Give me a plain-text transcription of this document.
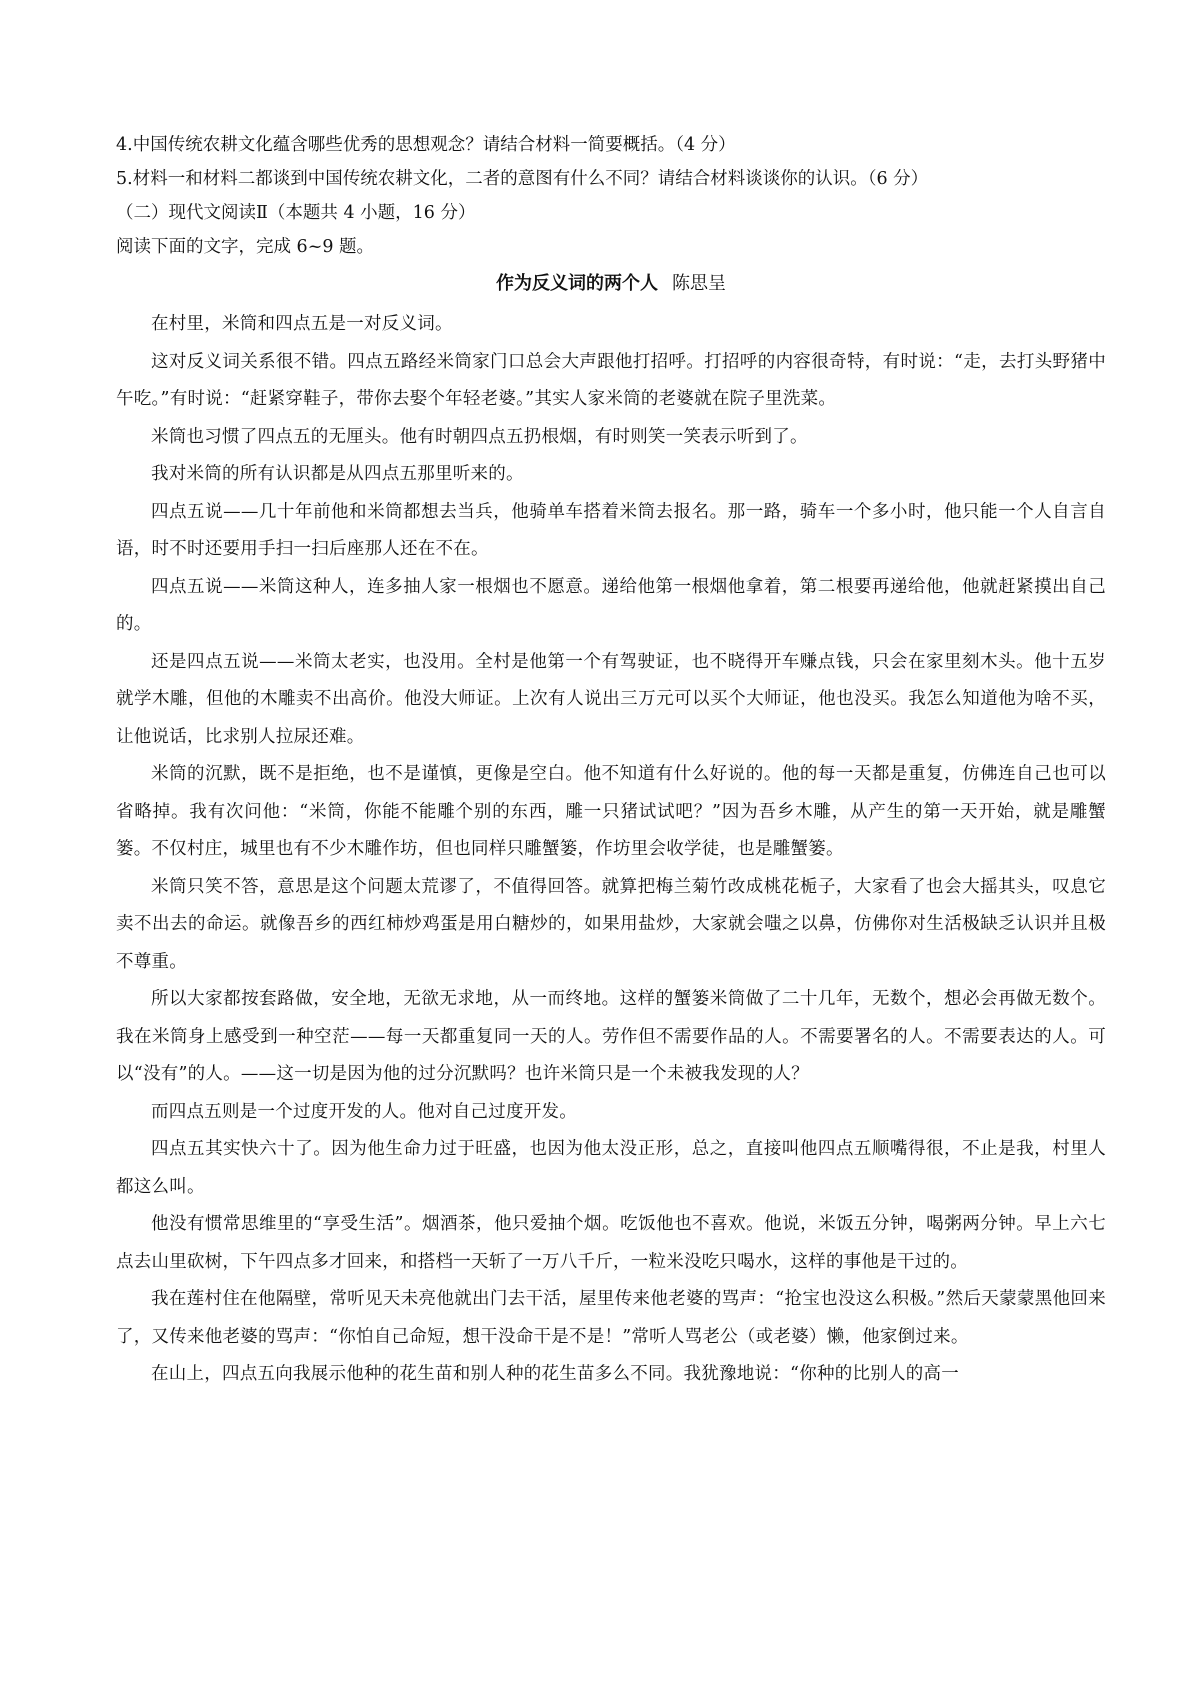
4.中国传统农耕文化蕴含哪些优秀的思想观念？请结合材料一简要概括。（4 分）
5.材料一和材料二都谈到中国传统农耕文化，二者的意图有什么不同？请结合材料谈谈你的认识。（6 分）
（二）现代文阅读Ⅱ（本题共 4 小题，16 分）
阅读下面的文字，完成 6~9 题。
作为反义词的两个人 陈思呈
在村里，米筒和四点五是一对反义词。
这对反义词关系很不错。四点五路经米筒家门口总会大声跟他打招呼。打招呼的内容很奇特，有时说：“走，去打头野猪中午吃。”有时说：“赶紧穿鞋子，带你去娶个年轻老婆。”其实人家米筒的老婆就在院子里洗菜。
米筒也习惯了四点五的无厘头。他有时朝四点五扔根烟，有时则笑一笑表示听到了。
我对米筒的所有认识都是从四点五那里听来的。
四点五说——几十年前他和米筒都想去当兵，他骑单车搭着米筒去报名。那一路，骑车一个多小时，他只能一个人自言自语，时不时还要用手扫一扫后座那人还在不在。
四点五说——米筒这种人，连多抽人家一根烟也不愿意。递给他第一根烟他拿着，第二根要再递给他，他就赶紧摸出自己的。
还是四点五说——米筒太老实，也没用。全村是他第一个有驾驶证，也不晓得开车赚点钱，只会在家里刻木头。他十五岁就学木雕，但他的木雕卖不出高价。他没大师证。上次有人说出三万元可以买个大师证，他也没买。我怎么知道他为啥不买，让他说话，比求别人拉尿还难。
米筒的沉默，既不是拒绝，也不是谨慎，更像是空白。他不知道有什么好说的。他的每一天都是重复，仿佛连自己也可以省略掉。我有次问他：“米筒，你能不能雕个别的东西，雕一只猪试试吧？”因为吾乡木雕，从产生的第一天开始，就是雕蟹篓。不仅村庄，城里也有不少木雕作坊，但也同样只雕蟹篓，作坊里会收学徒，也是雕蟹篓。
米筒只笑不答，意思是这个问题太荒谬了，不值得回答。就算把梅兰菊竹改成桃花栀子，大家看了也会大摇其头，叹息它卖不出去的命运。就像吾乡的西红柿炒鸡蛋是用白糖炒的，如果用盐炒，大家就会嗤之以鼻，仿佛你对生活极缺乏认识并且极不尊重。
所以大家都按套路做，安全地，无欲无求地，从一而终地。这样的蟹篓米筒做了二十几年，无数个，想必会再做无数个。我在米筒身上感受到一种空茫——每一天都重复同一天的人。劳作但不需要作品的人。不需要署名的人。不需要表达的人。可以“没有”的人。——这一切是因为他的过分沉默吗？也许米筒只是一个未被我发现的人？
而四点五则是一个过度开发的人。他对自己过度开发。
四点五其实快六十了。因为他生命力过于旺盛，也因为他太没正形，总之，直接叫他四点五顺嘴得很，不止是我，村里人都这么叫。
他没有惯常思维里的“享受生活”。烟酒茶，他只爱抽个烟。吃饭他也不喜欢。他说，米饭五分钟，喝粥两分钟。早上六七点去山里砍树，下午四点多才回来，和搭档一天斩了一万八千斤，一粒米没吃只喝水，这样的事他是干过的。
我在莲村住在他隔壁，常听见天未亮他就出门去干活，屋里传来他老婆的骂声：“抢宝也没这么积极。”然后天蒙蒙黑他回来了，又传来他老婆的骂声：“你怕自己命短，想干没命干是不是！”常听人骂老公（或老婆）懒，他家倒过来。
在山上，四点五向我展示他种的花生苗和别人种的花生苗多么不同。我犹豫地说：“你种的比别人的高一
